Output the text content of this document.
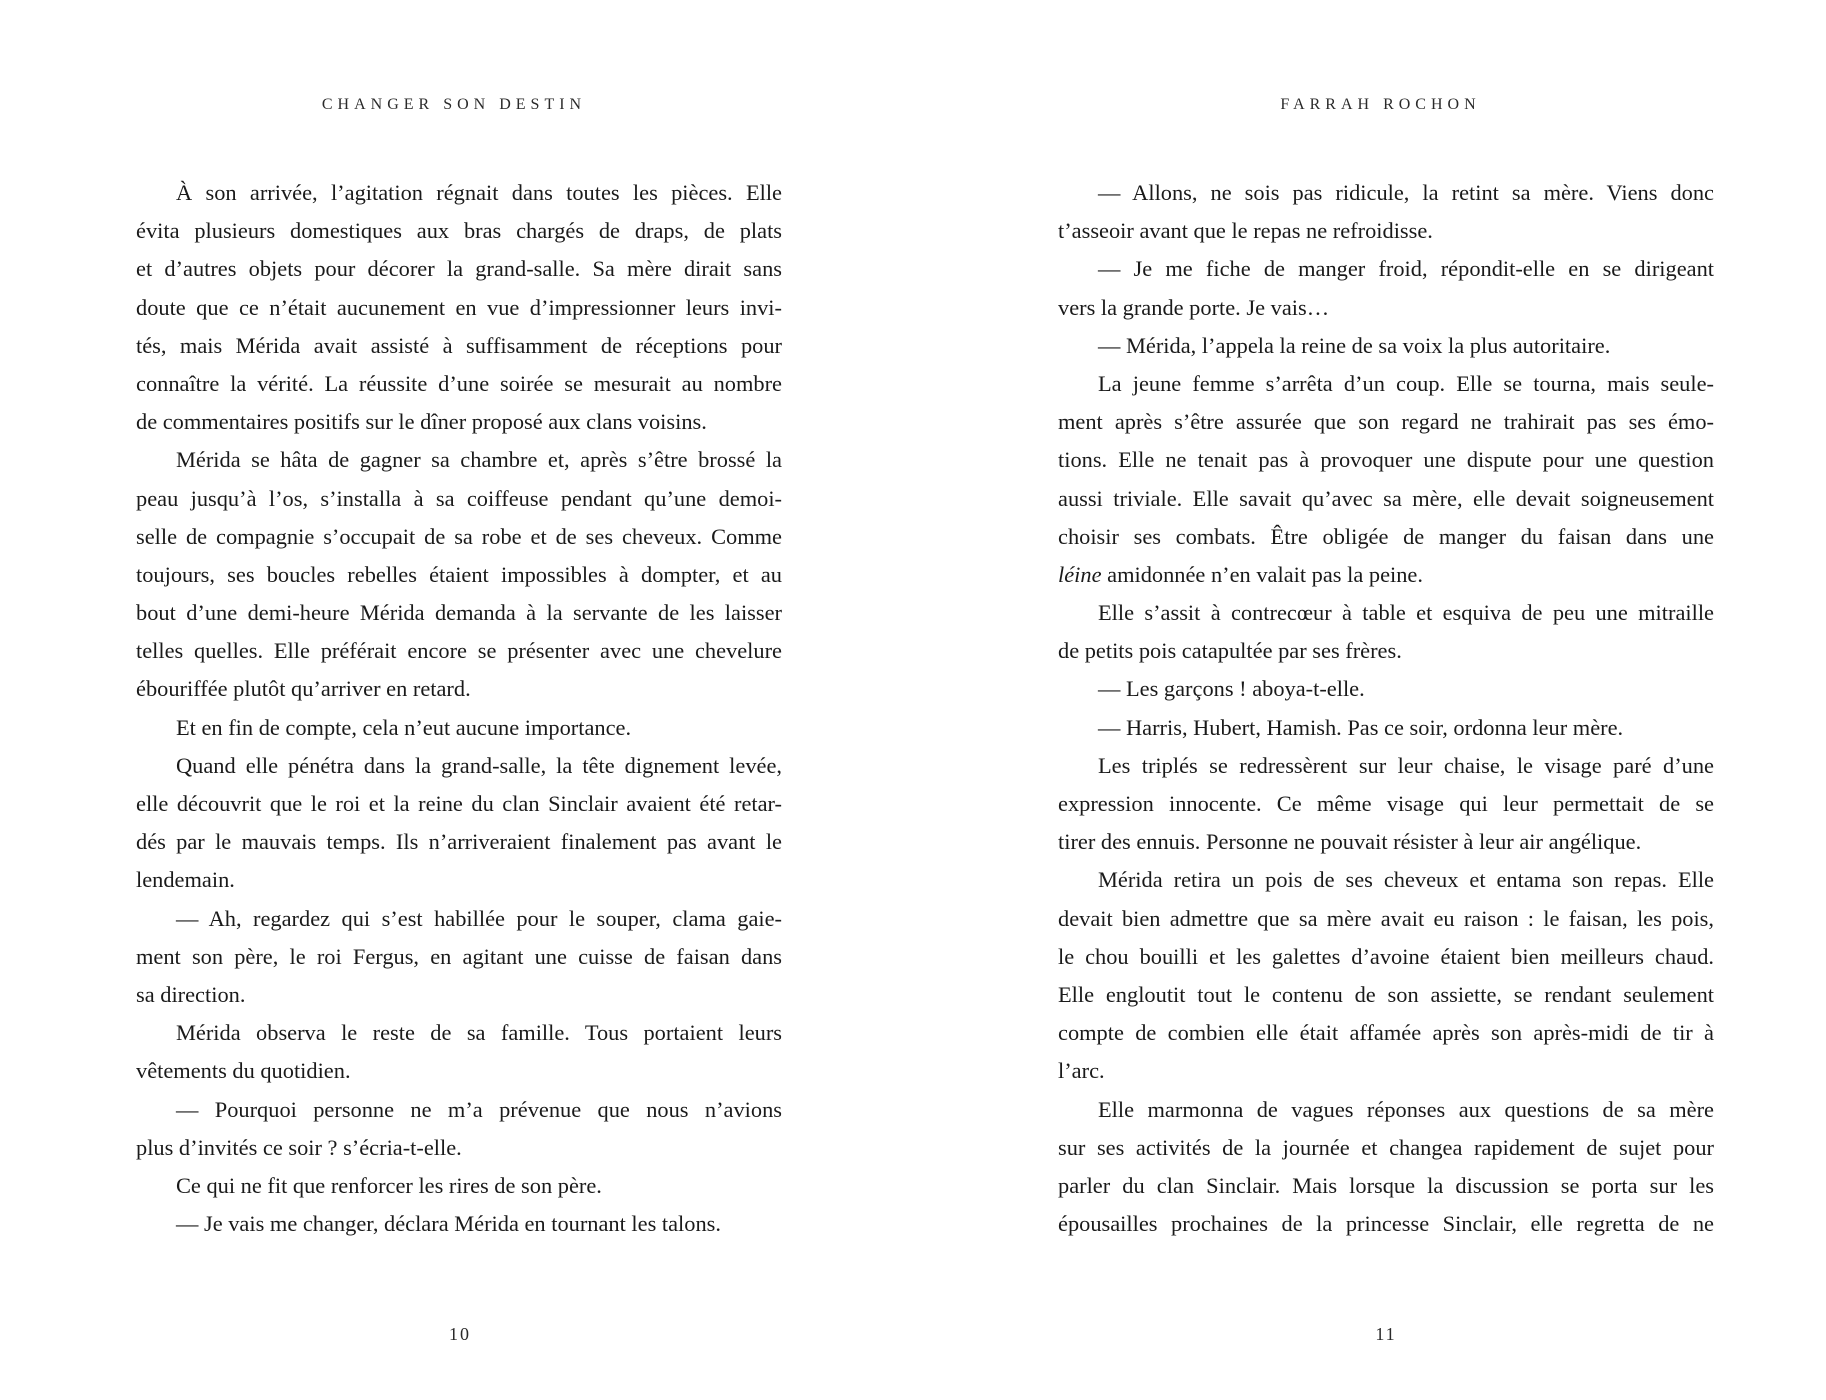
CHANGER SON DESTIN
À son arrivée, l’agitation régnait dans toutes les pièces. Elle
évita plusieurs domestiques aux bras chargés de draps, de plats
et d’autres objets pour décorer la grand-salle. Sa mère dirait sans
doute que ce n’était aucunement en vue d’impressionner leurs invi-
tés, mais Mérida avait assisté à suffisamment de réceptions pour
connaître la vérité. La réussite d’une soirée se mesurait au nombre
de commentaires positifs sur le dîner proposé aux clans voisins.
Mérida se hâta de gagner sa chambre et, après s’être brossé la
peau jusqu’à l’os, s’installa à sa coiffeuse pendant qu’une demoi-
selle de compagnie s’occupait de sa robe et de ses cheveux. Comme
toujours, ses boucles rebelles étaient impossibles à dompter, et au
bout d’une demi-heure Mérida demanda à la servante de les laisser
telles quelles. Elle préférait encore se présenter avec une chevelure
ébouriffée plutôt qu’arriver en retard.
Et en fin de compte, cela n’eut aucune importance.
Quand elle pénétra dans la grand-salle, la tête dignement levée,
elle découvrit que le roi et la reine du clan Sinclair avaient été retar-
dés par le mauvais temps. Ils n’arriveraient finalement pas avant le
lendemain.
— Ah, regardez qui s’est habillée pour le souper, clama gaie-
ment son père, le roi Fergus, en agitant une cuisse de faisan dans
sa direction.
Mérida observa le reste de sa famille. Tous portaient leurs
vêtements du quotidien.
— Pourquoi personne ne m’a prévenue que nous n’avions
plus d’invités ce soir ? s’écria-t-elle.
Ce qui ne fit que renforcer les rires de son père.
— Je vais me changer, déclara Mérida en tournant les talons.
10
FARRAH ROCHON
— Allons, ne sois pas ridicule, la retint sa mère. Viens donc
t’asseoir avant que le repas ne refroidisse.
— Je me fiche de manger froid, répondit-elle en se dirigeant
vers la grande porte. Je vais…
— Mérida, l’appela la reine de sa voix la plus autoritaire.
La jeune femme s’arrêta d’un coup. Elle se tourna, mais seule-
ment après s’être assurée que son regard ne trahirait pas ses émo-
tions. Elle ne tenait pas à provoquer une dispute pour une question
aussi triviale. Elle savait qu’avec sa mère, elle devait soigneusement
choisir ses combats. Être obligée de manger du faisan dans une
léine amidonnée n’en valait pas la peine.
Elle s’assit à contrecœur à table et esquiva de peu une mitraille
de petits pois catapultée par ses frères.
— Les garçons ! aboya-t-elle.
— Harris, Hubert, Hamish. Pas ce soir, ordonna leur mère.
Les triplés se redressèrent sur leur chaise, le visage paré d’une
expression innocente. Ce même visage qui leur permettait de se
tirer des ennuis. Personne ne pouvait résister à leur air angélique.
Mérida retira un pois de ses cheveux et entama son repas. Elle
devait bien admettre que sa mère avait eu raison : le faisan, les pois,
le chou bouilli et les galettes d’avoine étaient bien meilleurs chaud.
Elle engloutit tout le contenu de son assiette, se rendant seulement
compte de combien elle était affamée après son après-midi de tir à
l’arc.
Elle marmonna de vagues réponses aux questions de sa mère
sur ses activités de la journée et changea rapidement de sujet pour
parler du clan Sinclair. Mais lorsque la discussion se porta sur les
épousailles prochaines de la princesse Sinclair, elle regretta de ne
11
